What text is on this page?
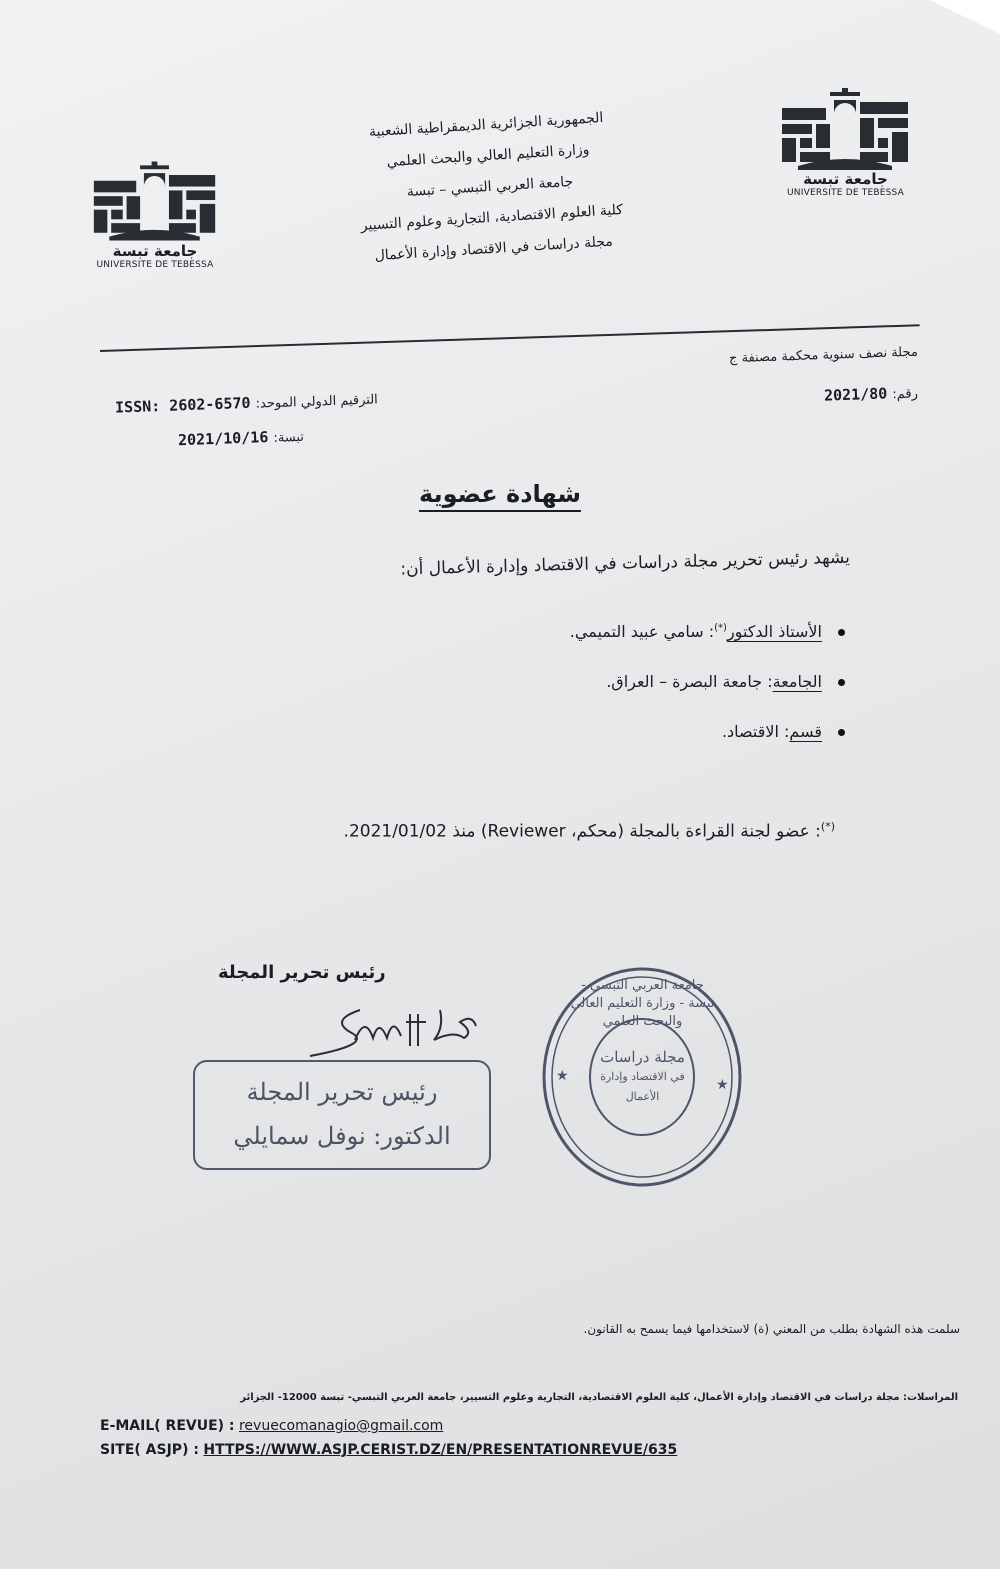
جامعة تبسة
UNIVERSITE DE TEBESSA
جامعة تبسة
UNIVERSITE DE TEBESSA
الجمهورية الجزائرية الديمقراطية الشعبية
وزارة التعليم العالي والبحث العلمي
جامعة العربي التبسي – تبسة
كلية العلوم الاقتصادية، التجارية وعلوم التسيير
مجلة دراسات في الاقتصاد وإدارة الأعمال
مجلة نصف سنوية محكمة مصنفة ج
رقم: 2021/80
ISSN: 2602-6570 الترقيم الدولي الموحد:
2021/10/16 تبسة:
شهادة عضوية
يشهد رئيس تحرير مجلة دراسات في الاقتصاد وإدارة الأعمال أن:
الأستاذ الدكتور(*): سامي عبيد التميمي.
الجامعة: جامعة البصرة – العراق.
قسم: الاقتصاد.
(*): عضو لجنة القراءة بالمجلة (محكم، Reviewer) منذ 2021/01/02.
رئيس تحرير المجلة
رئيس تحرير المجلة
الدكتور: نوفل سمايلي
★
★
جامعة العربي التبسي - تبسة - وزارة التعليم العالي والبحث العلمي
مجلة دراسات
في الاقتصاد وإدارة الأعمال
سلمت هذه الشهادة بطلب من المعني (ة) لاستخدامها فيما يسمح به القانون.
المراسلات: مجلة دراسات في الاقتصاد وإدارة الأعمال، كلية العلوم الاقتصادية، التجارية وعلوم التسيير، جامعة العربي التبسي- تبسة 12000- الجزائر
E-MAIL( REVUE) : revuecomanagio@gmail.com
SITE( ASJP) : HTTPS://WWW.ASJP.CERIST.DZ/EN/PRESENTATIONREVUE/635
